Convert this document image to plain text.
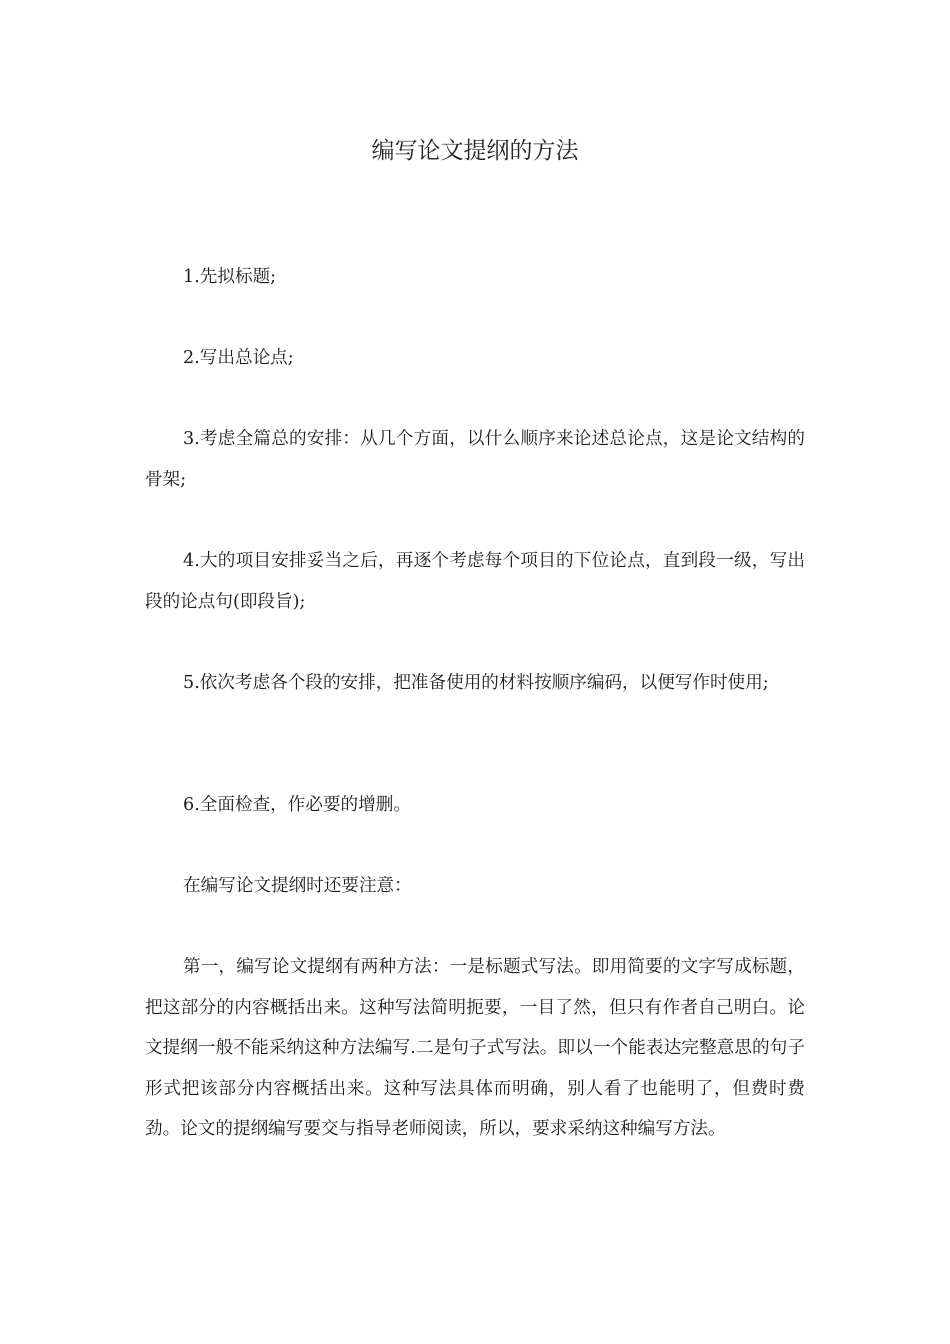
编写论文提纲的方法
1.先拟标题;
2.写出总论点;
3.考虑全篇总的安排：从几个方面，以什么顺序来论述总论点，这是论文结构的骨架;
4.大的项目安排妥当之后，再逐个考虑每个项目的下位论点，直到段一级，写出段的论点句(即段旨);
5.依次考虑各个段的安排，把准备使用的材料按顺序编码，以便写作时使用;
6.全面检查，作必要的增删。
在编写论文提纲时还要注意：
第一，编写论文提纲有两种方法：一是标题式写法。即用简要的文字写成标题，把这部分的内容概括出来。这种写法简明扼要，一目了然，但只有作者自己明白。论文提纲一般不能采纳这种方法编写.二是句子式写法。即以一个能表达完整意思的句子形式把该部分内容概括出来。这种写法具体而明确，别人看了也能明了，但费时费劲。论文的提纲编写要交与指导老师阅读，所以，要求采纳这种编写方法。
